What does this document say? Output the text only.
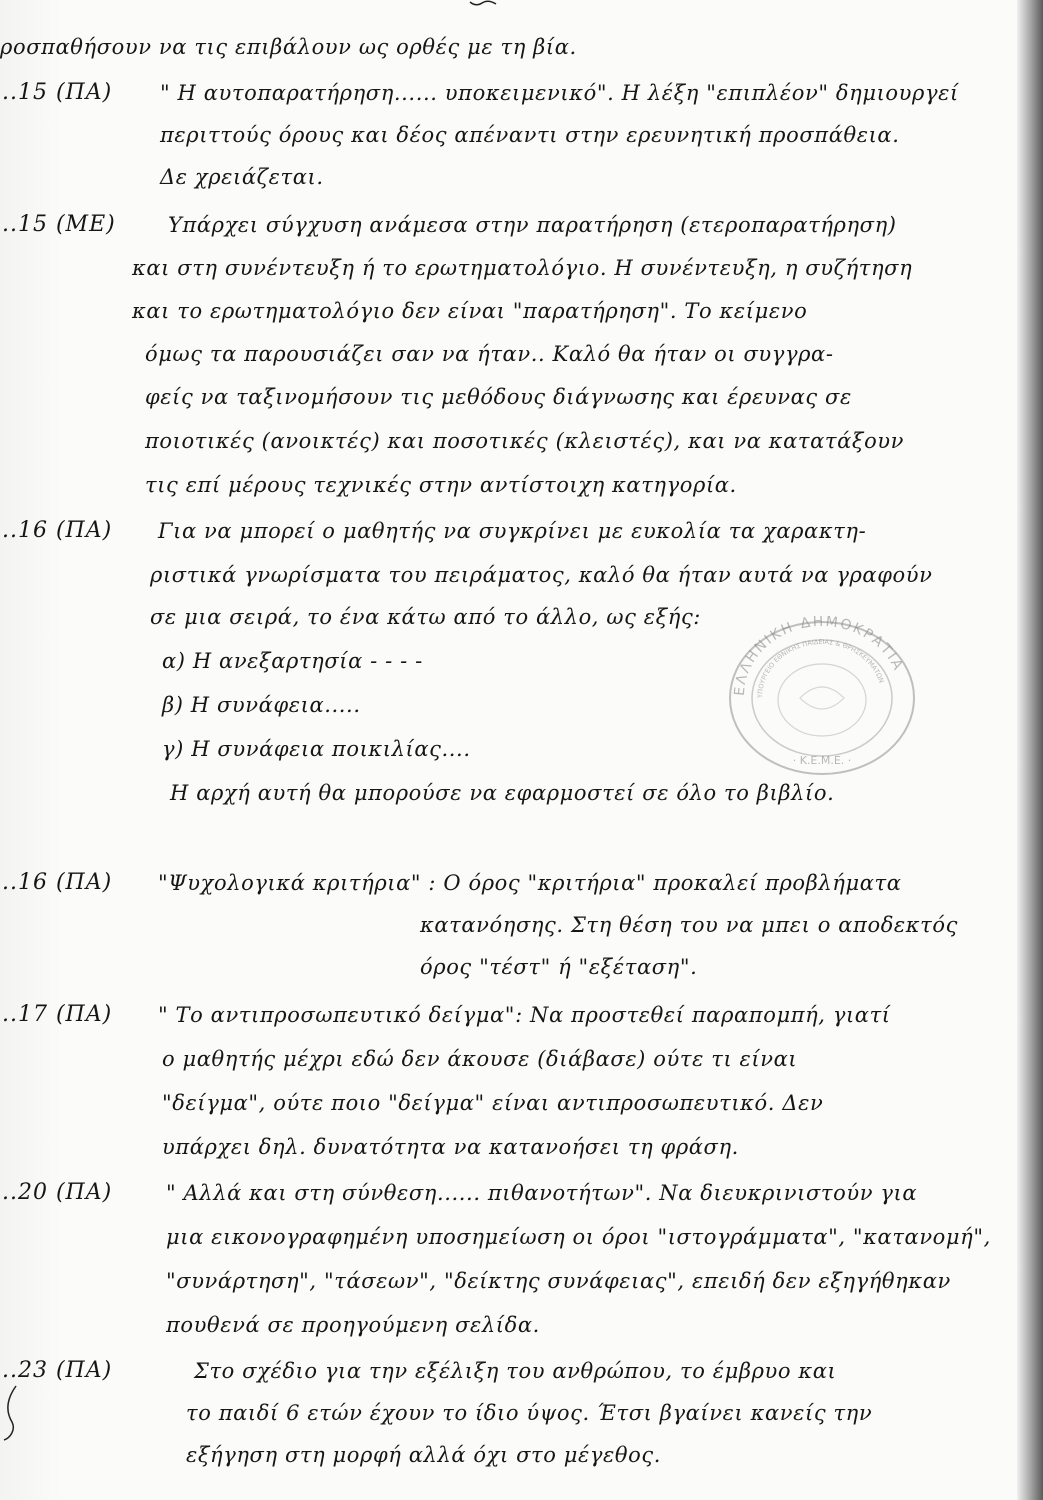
ροσπαθήσουν να τις επιβάλουν ως ορθές με τη βία.
..15 (ΠΑ) " Η αυτοπαρατήρηση...... υποκειμενικό". Η λέξη "επιπλέον" δημιουργεί
περιττούς όρους και δέος απέναντι στην ερευνητική προσπάθεια.
Δε χρειάζεται.
..15 (ΜΕ) Υπάρχει σύγχυση ανάμεσα στην παρατήρηση (ετεροπαρατήρηση)
και στη συνέντευξη ή το ερωτηματολόγιο. Η συνέντευξη, η συζήτηση
και το ερωτηματολόγιο δεν είναι "παρατήρηση". Το κείμενο
όμως τα παρουσιάζει σαν να ήταν.. Καλό θα ήταν οι συγγρα-
φείς να ταξινομήσουν τις μεθόδους διάγνωσης και έρευνας σε
ποιοτικές (ανοικτές) και ποσοτικές (κλειστές), και να κατατάξουν
τις επί μέρους τεχνικές στην αντίστοιχη κατηγορία.
..16 (ΠΑ) Για να μπορεί ο μαθητής να συγκρίνει με ευκολία τα χαρακτη-
ριστικά γνωρίσματα του πειράματος, καλό θα ήταν αυτά να γραφούν
σε μια σειρά, το ένα κάτω από το άλλο, ως εξής:
α) Η ανεξαρτησία - - - -
β) Η συνάφεια.....
γ) Η συνάφεια ποικιλίας....
Η αρχή αυτή θα μπορούσε να εφαρμοστεί σε όλο το βιβλίο.
..16 (ΠΑ) "Ψυχολογικά κριτήρια" : Ο όρος "κριτήρια" προκαλεί προβλήματα
κατανόησης. Στη θέση του να μπει ο αποδεκτός
όρος "τέστ" ή "εξέταση".
..17 (ΠΑ) " Το αντιπροσωπευτικό δείγμα": Να προστεθεί παραπομπή, γιατί
ο μαθητής μέχρι εδώ δεν άκουσε (διάβασε) ούτε τι είναι
"δείγμα", ούτε ποιο "δείγμα" είναι αντιπροσωπευτικό. Δεν
υπάρχει δηλ. δυνατότητα να κατανοήσει τη φράση.
..20 (ΠΑ)	" Αλλά και στη σύνθεση...... πιθανοτήτων". Να διευκρινιστούν για
μια εικονογραφημένη υποσημείωση οι όροι "ιστογράμματα", "κατανομή",
"συνάρτηση", "τάσεων", "δείκτης συνάφειας", επειδή δεν εξηγήθηκαν
πουθενά σε προηγούμενη σελίδα.
..23 (ΠΑ)	Στο σχέδιο για την εξέλιξη του ανθρώπου, το έμβρυο και
το παιδί 6 ετών έχουν το ίδιο ύψος. Έτσι βγαίνει κανείς την
εξήγηση στη μορφή αλλά όχι στο μέγεθος.
ΕΛΛΗΝΙΚΗ ΔΗΜΟΚΡΑΤΙΑ
ΥΠΟΥΡΓΕΙΟ ΕΘΝΙΚΗΣ ΠΑΙΔΕΙΑΣ & ΘΡΗΣΚΕΥΜΑΤΩΝ
· Κ.Ε.Μ.Ε. ·
